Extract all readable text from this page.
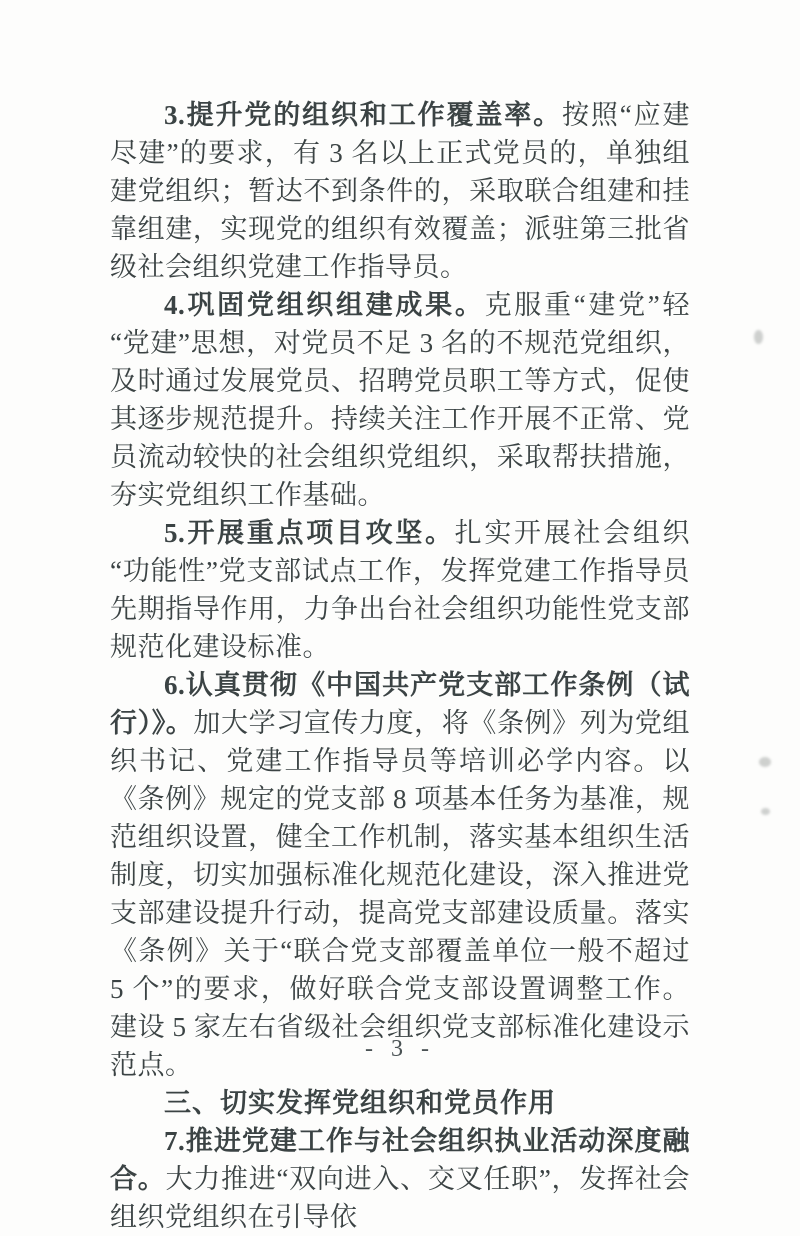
3.提升党的组织和工作覆盖率。按照“应建尽建”的要求，有 3 名以上正式党员的，单独组建党组织；暂达不到条件的，采取联合组建和挂靠组建，实现党的组织有效覆盖；派驻第三批省级社会组织党建工作指导员。

4.巩固党组织组建成果。克服重“建党”轻“党建”思想，对党员不足 3 名的不规范党组织，及时通过发展党员、招聘党员职工等方式，促使其逐步规范提升。持续关注工作开展不正常、党员流动较快的社会组织党组织，采取帮扶措施，夯实党组织工作基础。

5.开展重点项目攻坚。扎实开展社会组织“功能性”党支部试点工作，发挥党建工作指导员先期指导作用，力争出台社会组织功能性党支部规范化建设标准。

6.认真贯彻《中国共产党支部工作条例（试行）》。加大学习宣传力度，将《条例》列为党组织书记、党建工作指导员等培训必学内容。以《条例》规定的党支部 8 项基本任务为基准，规范组织设置，健全工作机制，落实基本组织生活制度，切实加强标准化规范化建设，深入推进党支部建设提升行动，提高党支部建设质量。落实《条例》关于“联合党支部覆盖单位一般不超过 5 个”的要求，做好联合党支部设置调整工作。建设 5 家左右省级社会组织党支部标准化建设示范点。

三、切实发挥党组织和党员作用

7.推进党建工作与社会组织执业活动深度融合。大力推进“双向进入、交叉任职”，发挥社会组织党组织在引导依

- 3 -
